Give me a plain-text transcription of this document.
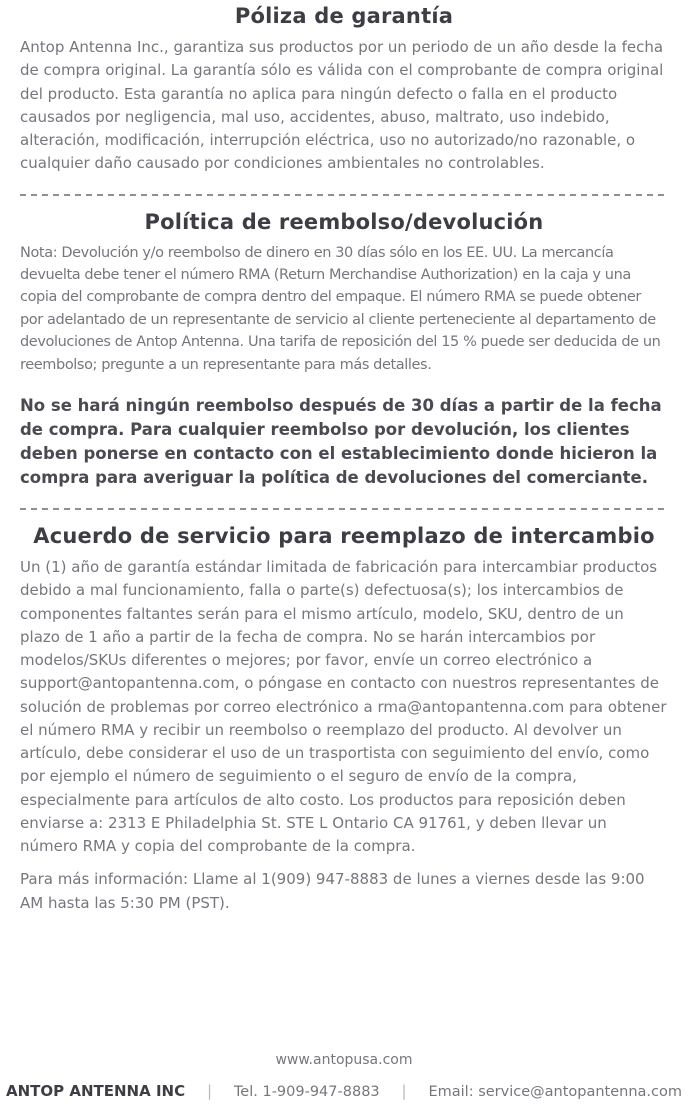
Póliza de garantía

Antop Antenna Inc., garantiza sus productos por un periodo de un año desde la fecha de compra original. La garantía sólo es válida con el comprobante de compra original del producto. Esta garantía no aplica para ningún defecto o falla en el producto causados por negligencia, mal uso, accidentes, abuso, maltrato, uso indebido, alteración, modificación, interrupción eléctrica, uso no autorizado/no razonable, o cualquier daño causado por condiciones ambientales no controlables.

Política de reembolso/devolución

Nota: Devolución y/o reembolso de dinero en 30 días sólo en los EE. UU. La mercancía devuelta debe tener el número RMA (Return Merchandise Authorization) en la caja y una copia del comprobante de compra dentro del empaque. El número RMA se puede obtener por adelantado de un representante de servicio al cliente perteneciente al departamento de devoluciones de Antop Antenna. Una tarifa de reposición del 15 % puede ser deducida de un reembolso; pregunte a un representante para más detalles.

No se hará ningún reembolso después de 30 días a partir de la fecha de compra. Para cualquier reembolso por devolución, los clientes deben ponerse en contacto con el establecimiento donde hicieron la compra para averiguar la política de devoluciones del comerciante.

Acuerdo de servicio para reemplazo de intercambio

Un (1) año de garantía estándar limitada de fabricación para intercambiar productos debido a mal funcionamiento, falla o parte(s) defectuosa(s); los intercambios de componentes faltantes serán para el mismo artículo, modelo, SKU, dentro de un plazo de 1 año a partir de la fecha de compra. No se harán intercambios por modelos/SKUs diferentes o mejores; por favor, envíe un correo electrónico a support@antopantenna.com, o póngase en contacto con nuestros representantes de solución de problemas por correo electrónico a rma@antopantenna.com para obtener el número RMA y recibir un reembolso o reemplazo del producto. Al devolver un artículo, debe considerar el uso de un trasportista con seguimiento del envío, como por ejemplo el número de seguimiento o el seguro de envío de la compra, especialmente para artículos de alto costo. Los productos para reposición deben enviarse a: 2313 E Philadelphia St. STE L Ontario CA 91761, y deben llevar un número RMA y copia del comprobante de la compra.

Para más información: Llame al 1(909) 947-8883 de lunes a viernes desde las 9:00 AM hasta las 5:30 PM (PST).

www.antopusa.com
ANTOP ANTENNA INC | Tel. 1-909-947-8883 | Email: service@antopantenna.com
